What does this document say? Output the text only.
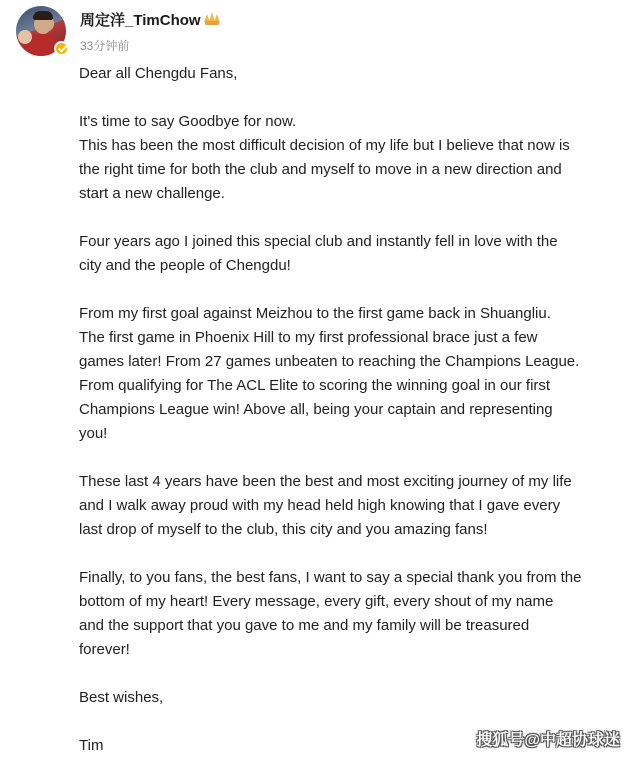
周定洋_TimChow
33分钟前
Dear all Chengdu Fans,
It's time to say Goodbye for now.
This has been the most difficult decision of my life but I believe that now is
the right time for both the club and myself to move in a new direction and
start a new challenge.
Four years ago I joined this special club and instantly fell in love with the
city and the people of Chengdu!
From my first goal against Meizhou to the first game back in Shuangliu.
The first game in Phoenix Hill to my first professional brace just a few
games later! From 27 games unbeaten to reaching the Champions League.
From qualifying for The ACL Elite to scoring the winning goal in our first
Champions League win! Above all, being your captain and representing
you!
These last 4 years have been the best and most exciting journey of my life
and I walk away proud with my head held high knowing that I gave every
last drop of myself to the club, this city and you amazing fans!
Finally, to you fans, the best fans, I want to say a special thank you from the
bottom of my heart! Every message, every gift, every shout of my name
and the support that you gave to me and my family will be treasured
forever!
Best wishes,
Tim	搜狐号@中超协球迷
